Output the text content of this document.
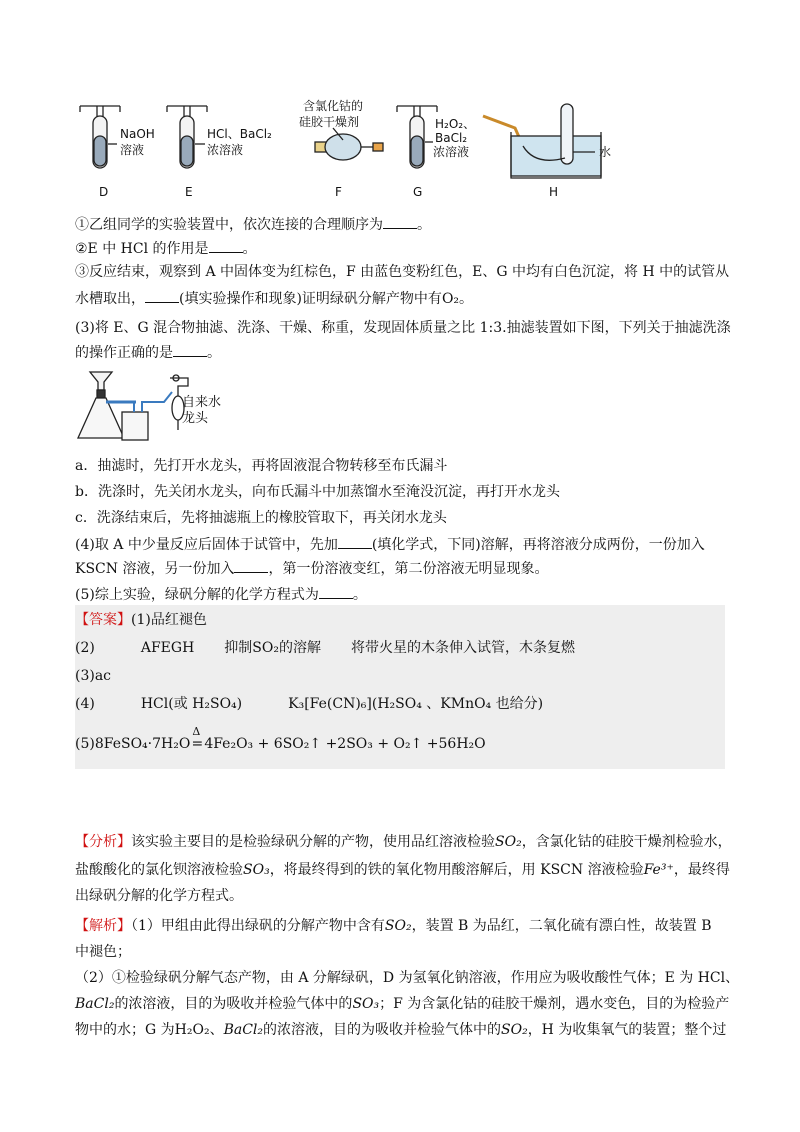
NaOH
溶液
HCl、BaCl₂
浓溶液
含氯化钴的
硅胶干燥剂	H₂O₂、
BaCl₂
浓溶液	水
D	E	F	G	H
①乙组同学的实验装置中，依次连接的合理顺序为 。
②E 中 HCl 的作用是 。
③反应结束，观察到 A 中固体变为红棕色，F 由蓝色变粉红色，E、G 中均有白色沉淀，将 H 中的试管从
水槽取出， (填实验操作和现象)证明绿矾分解产物中有O₂。
(3)将 E、G 混合物抽滤、洗涤、干燥、称重，发现固体质量之比 1:3.抽滤装置如下图，下列关于抽滤洗涤
的操作正确的是 。
自来水
龙头
a．抽滤时，先打开水龙头，再将固液混合物转移至布氏漏斗
b．洗涤时，先关闭水龙头，向布氏漏斗中加蒸馏水至淹没沉淀，再打开水龙头
c．洗涤结束后，先将抽滤瓶上的橡胶管取下，再关闭水龙头
(4)取 A 中少量反应后固体于试管中，先加 (填化学式，下同)溶解，再将溶液分成两份，一份加入
KSCN 溶液，另一份加入 ，第一份溶液变红，第二份溶液无明显现象。
(5)综上实验，绿矾分解的化学方程式为 。
【答案】(1)品红褪色
(2)	AFEGH 抑制SO₂的溶解 将带火星的木条伸入试管，木条复燃
(3)ac
(4)	HCl(或 H₂SO₄)	K₃[Fe(CN)₆](H₂SO₄ 、KMnO₄ 也给分)
(5)8FeSO₄·7H₂O
Δ
=4Fe₂O₃ + 6SO₂↑ +2SO₃ + O₂↑ +56H₂O
【分析】该实验主要目的是检验绿矾分解的产物，使用品红溶液检验SO₂，含氯化钴的硅胶干燥剂检验水，
盐酸酸化的氯化钡溶液检验SO₃，将最终得到的铁的氧化物用酸溶解后，用 KSCN 溶液检验Fe³⁺，最终得
出绿矾分解的化学方程式。
【解析】（1）甲组由此得出绿矾的分解产物中含有SO₂，装置 B 为品红，二氧化硫有漂白性，故装置 B
中褪色；
（2）①检验绿矾分解气态产物，由 A 分解绿矾，D 为氢氧化钠溶液，作用应为吸收酸性气体；E 为 HCl、
BaCl₂的浓溶液，目的为吸收并检验气体中的SO₃；F 为含氯化钴的硅胶干燥剂，遇水变色，目的为检验产
物中的水；G 为H₂O₂、BaCl₂的浓溶液，目的为吸收并检验气体中的SO₂，H 为收集氧气的装置；整个过
